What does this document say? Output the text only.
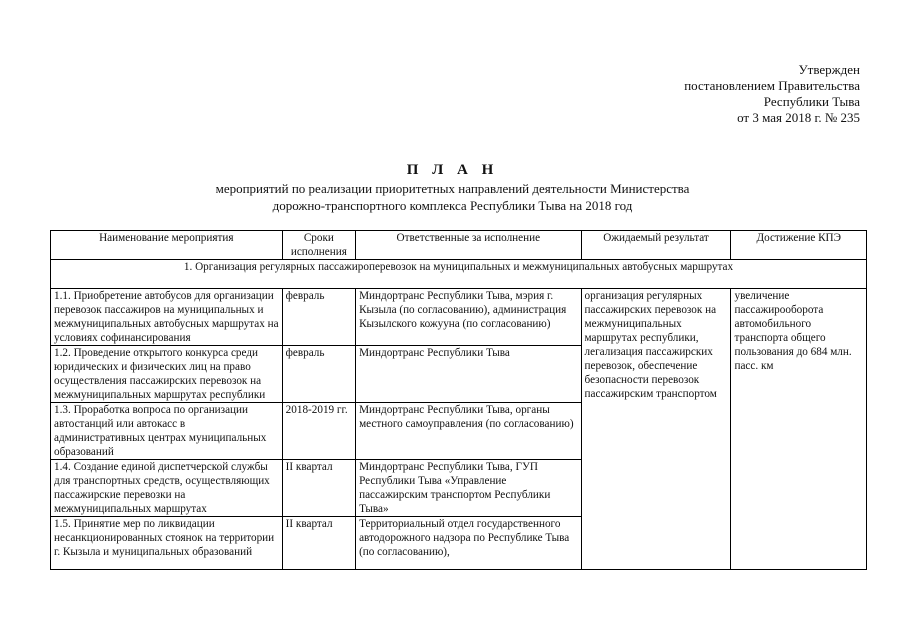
Утвержден
постановлением Правительства
Республики Тыва
от 3 мая 2018 г. № 235
П Л А Н
мероприятий по реализации приоритетных направлений деятельности Министерства
дорожно-транспортного комплекса Республики Тыва на 2018 год
Наименование мероприятия	Сроки исполнения	Ответственные за исполнение	Ожидаемый результат	Достижение КПЭ
1. Организация регулярных пассажироперевозок на муниципальных и межмуниципальных автобусных маршрутах				
1.1. Приобретение автобусов для организации перевозок пассажиров на муниципальных и межмуниципальных автобусных маршрутах на условиях софинансирования	февраль	Миндортранс Республики Тыва, мэрия г. Кызыла (по согласованию), администрация Кызылского кожууна (по согласованию)	организация регулярных пассажирских перевозок на межмуниципальных маршрутах республики, легализация пассажирских перевозок, обеспечение безопасности перевозок пассажирским транспортом	увеличение пассажирооборота автомобильного транспорта общего пользования до 684 млн. пасс. км
1.2. Проведение открытого конкурса среди юридических и физических лиц на право осуществления пассажирских перевозок на межмуниципальных маршрутах республики	февраль	Миндортранс Республики Тыва		
1.3. Проработка вопроса по организации автостанций или автокасс в административных центрах муниципальных образований	2018-2019 гг.	Миндортранс Республики Тыва, органы местного самоуправления (по согласованию)		
1.4. Создание единой диспетчерской службы для транспортных средств, осуществляющих пассажирские перевозки на межмуниципальных маршрутах	II квартал	Миндортранс Республики Тыва, ГУП Республики Тыва «Управление пассажирским транспортом Республики Тыва»		
1.5. Принятие мер по ликвидации несанкционированных стоянок на территории г. Кызыла и муниципальных образований	II квартал	Территориальный отдел государственного автодорожного надзора по Республике Тыва (по согласованию),		
